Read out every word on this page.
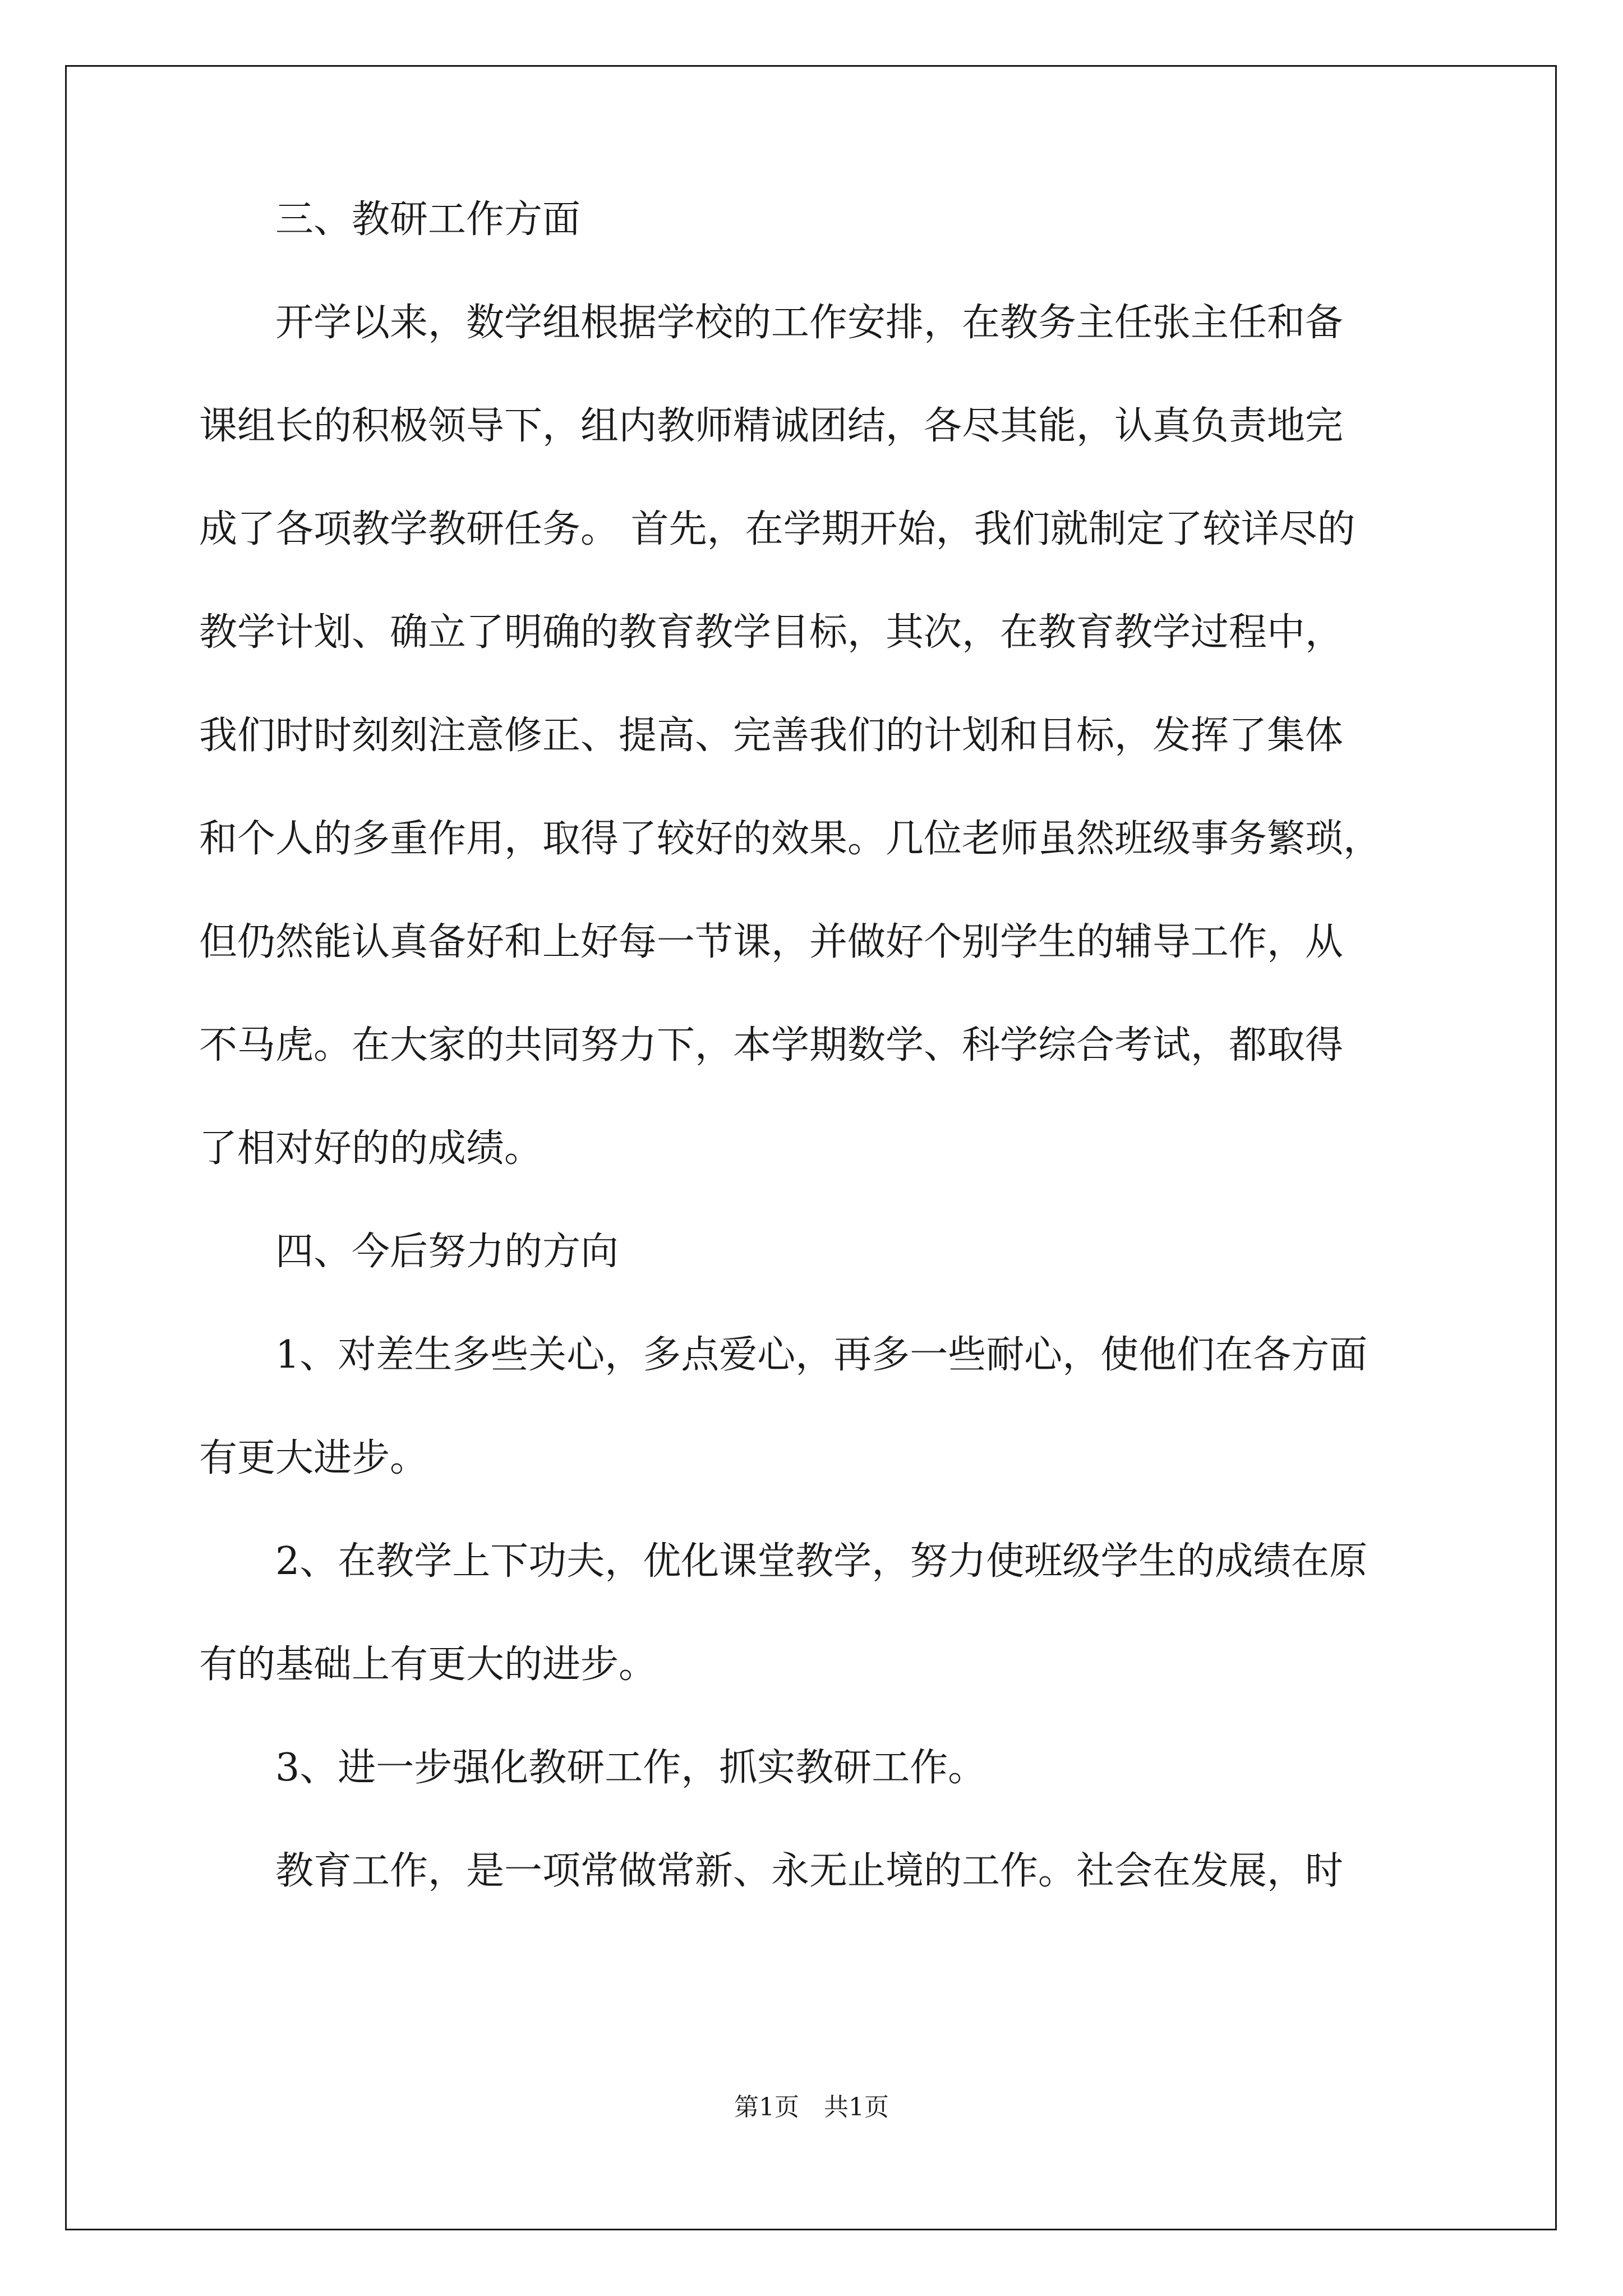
三、教研工作方面
开学以来，数学组根据学校的工作安排，在教务主任张主任和备
课组长的积极领导下，组内教师精诚团结，各尽其能，认真负责地完
成了各项教学教研任务。 首先，在学期开始，我们就制定了较详尽的
教学计划、确立了明确的教育教学目标，其次，在教育教学过程中，
我们时时刻刻注意修正、提高、完善我们的计划和目标，发挥了集体
和个人的多重作用，取得了较好的效果。几位老师虽然班级事务繁琐，
但仍然能认真备好和上好每一节课，并做好个别学生的辅导工作，从
不马虎。在大家的共同努力下，本学期数学、科学综合考试，都取得
了相对好的的成绩。
四、今后努力的方向
1、对差生多些关心，多点爱心，再多一些耐心，使他们在各方面
有更大进步。
2、在教学上下功夫，优化课堂教学，努力使班级学生的成绩在原
有的基础上有更大的进步。
3、进一步强化教研工作，抓实教研工作。
教育工作，是一项常做常新、永无止境的工作。社会在发展，时
第1页　共1页
